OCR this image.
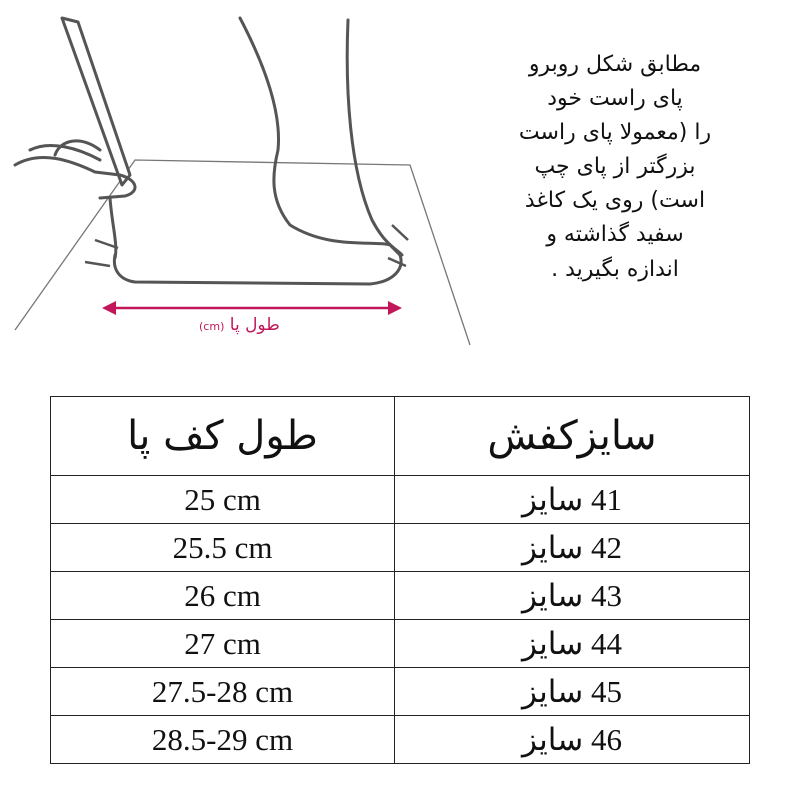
طول پا (cm)
مطابق شکل روبرو
پای راست خود
را (معمولا پای راست
بزرگتر از پای چپ
است) روی یک کاغذ
سفید گذاشته و
اندازه بگیرید .
طول کف پا	سایزکفش
25 cm	سایز 41
25.5 cm	سایز 42
26 cm	سایز 43
27 cm	سایز 44
27.5-28 cm	سایز 45
28.5-29 cm	سایز 46
